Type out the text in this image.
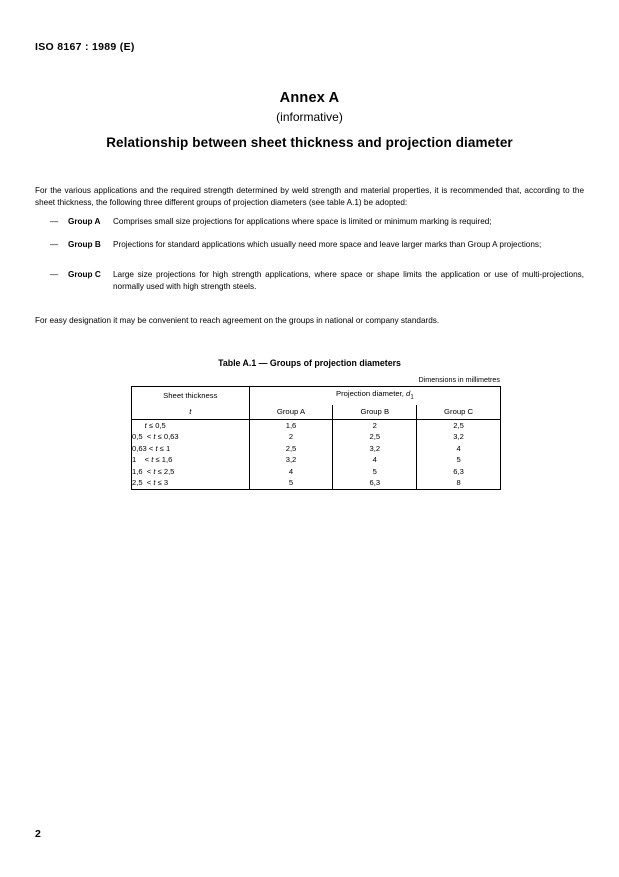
ISO 8167 : 1989 (E)
Annex A
(informative)
Relationship between sheet thickness and projection diameter
For the various applications and the required strength determined by weld strength and material properties, it is recommended that, according to the sheet thickness, the following three different groups of projection diameters (see table A.1) be adopted:
— Group A Comprises small size projections for applications where space is limited or minimum marking is required;
— Group B Projections for standard applications which usually need more space and leave larger marks than Group A projections;
— Group C Large size projections for high strength applications, where space or shape limits the application or use of multi-projections, normally used with high strength steels.
For easy designation it may be convenient to reach agreement on the groups in national or company standards.
Table A.1 — Groups of projection diameters
Dimensions in millimetres
Sheet thickness	Projection diameter, $d_1$
t	Group A	Group B	Group C
t ≤ 0,5	1,6	2	2,5
0,5  < t ≤ 0,63	2	2,5	3,2
0,63 < t ≤ 1	2,5	3,2	4
1    < t ≤ 1,6	3,2	4	5
1,6  < t ≤ 2,5	4	5	6,3
2,5  < t ≤ 3	5	6,3	8
2
